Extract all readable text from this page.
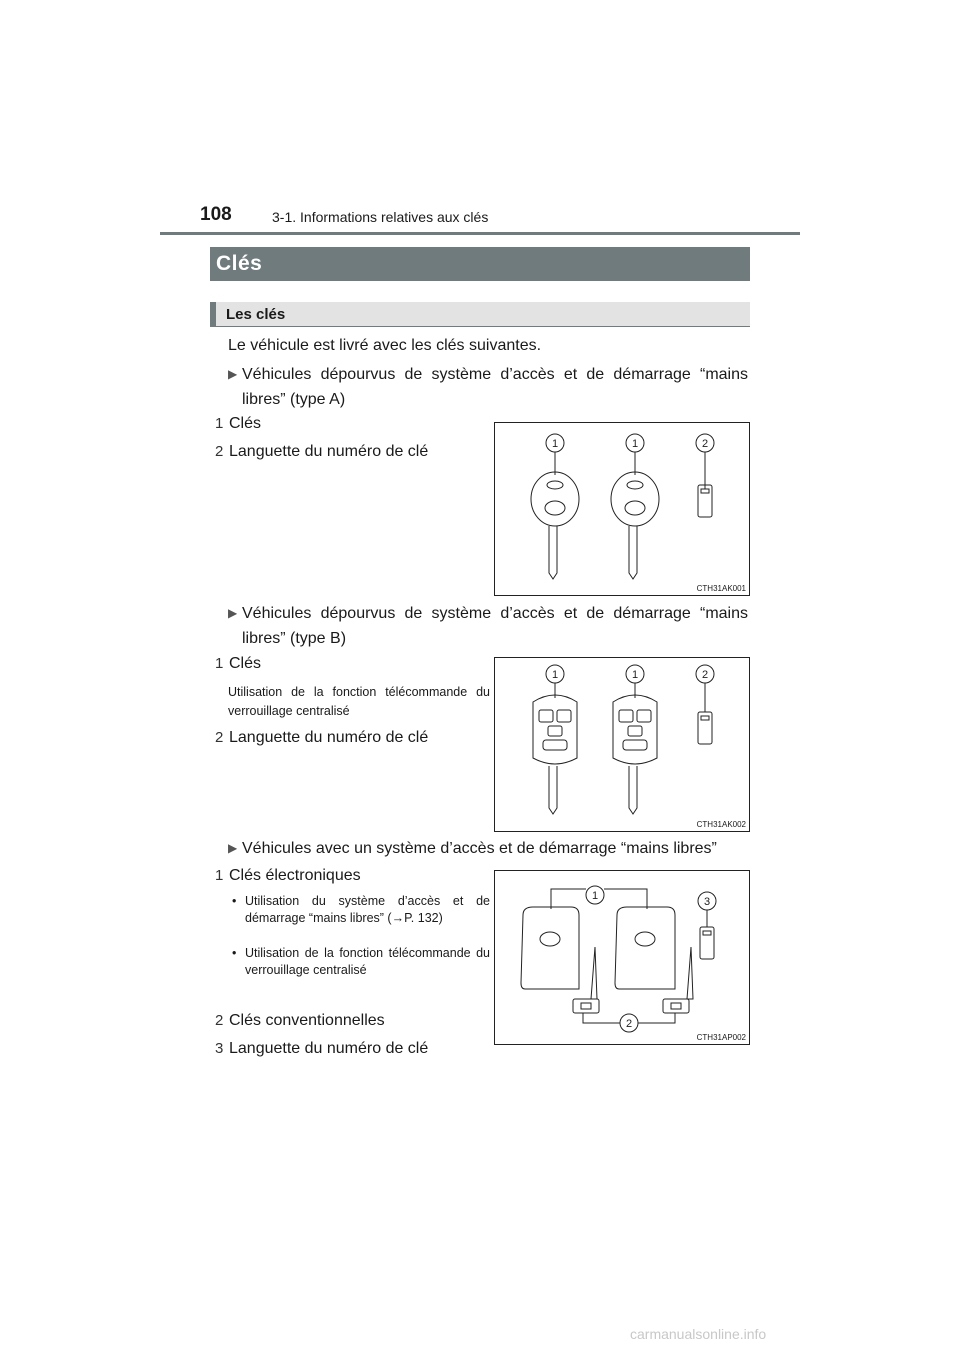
108	3-1. Informations relatives aux clés
Clés
Les clés
Le véhicule est livré avec les clés suivantes.
▶ Véhicules dépourvus de système d’accès et de démarrage “mains libres” (type A)
1 Clés
2 Languette du numéro de clé	1	1	2
CTH31AK001
▶ Véhicules dépourvus de système d’accès et de démarrage “mains libres” (type B)
1 Clés
Utilisation de la fonction télécommande du verrouillage centralisé
2 Languette du numéro de clé
1	1	2
CTH31AK002
▶ Véhicules avec un système d’accès et de démarrage “mains libres”
1 Clés électroniques
• Utilisation du système d’accès et de démarrage “mains libres” (→P. 132)
• Utilisation de la fonction télécommande du verrouillage centralisé
2 Clés conventionnelles
3 Languette du numéro de clé
1	3
2
CTH31AP002
carmanualsonline.info
